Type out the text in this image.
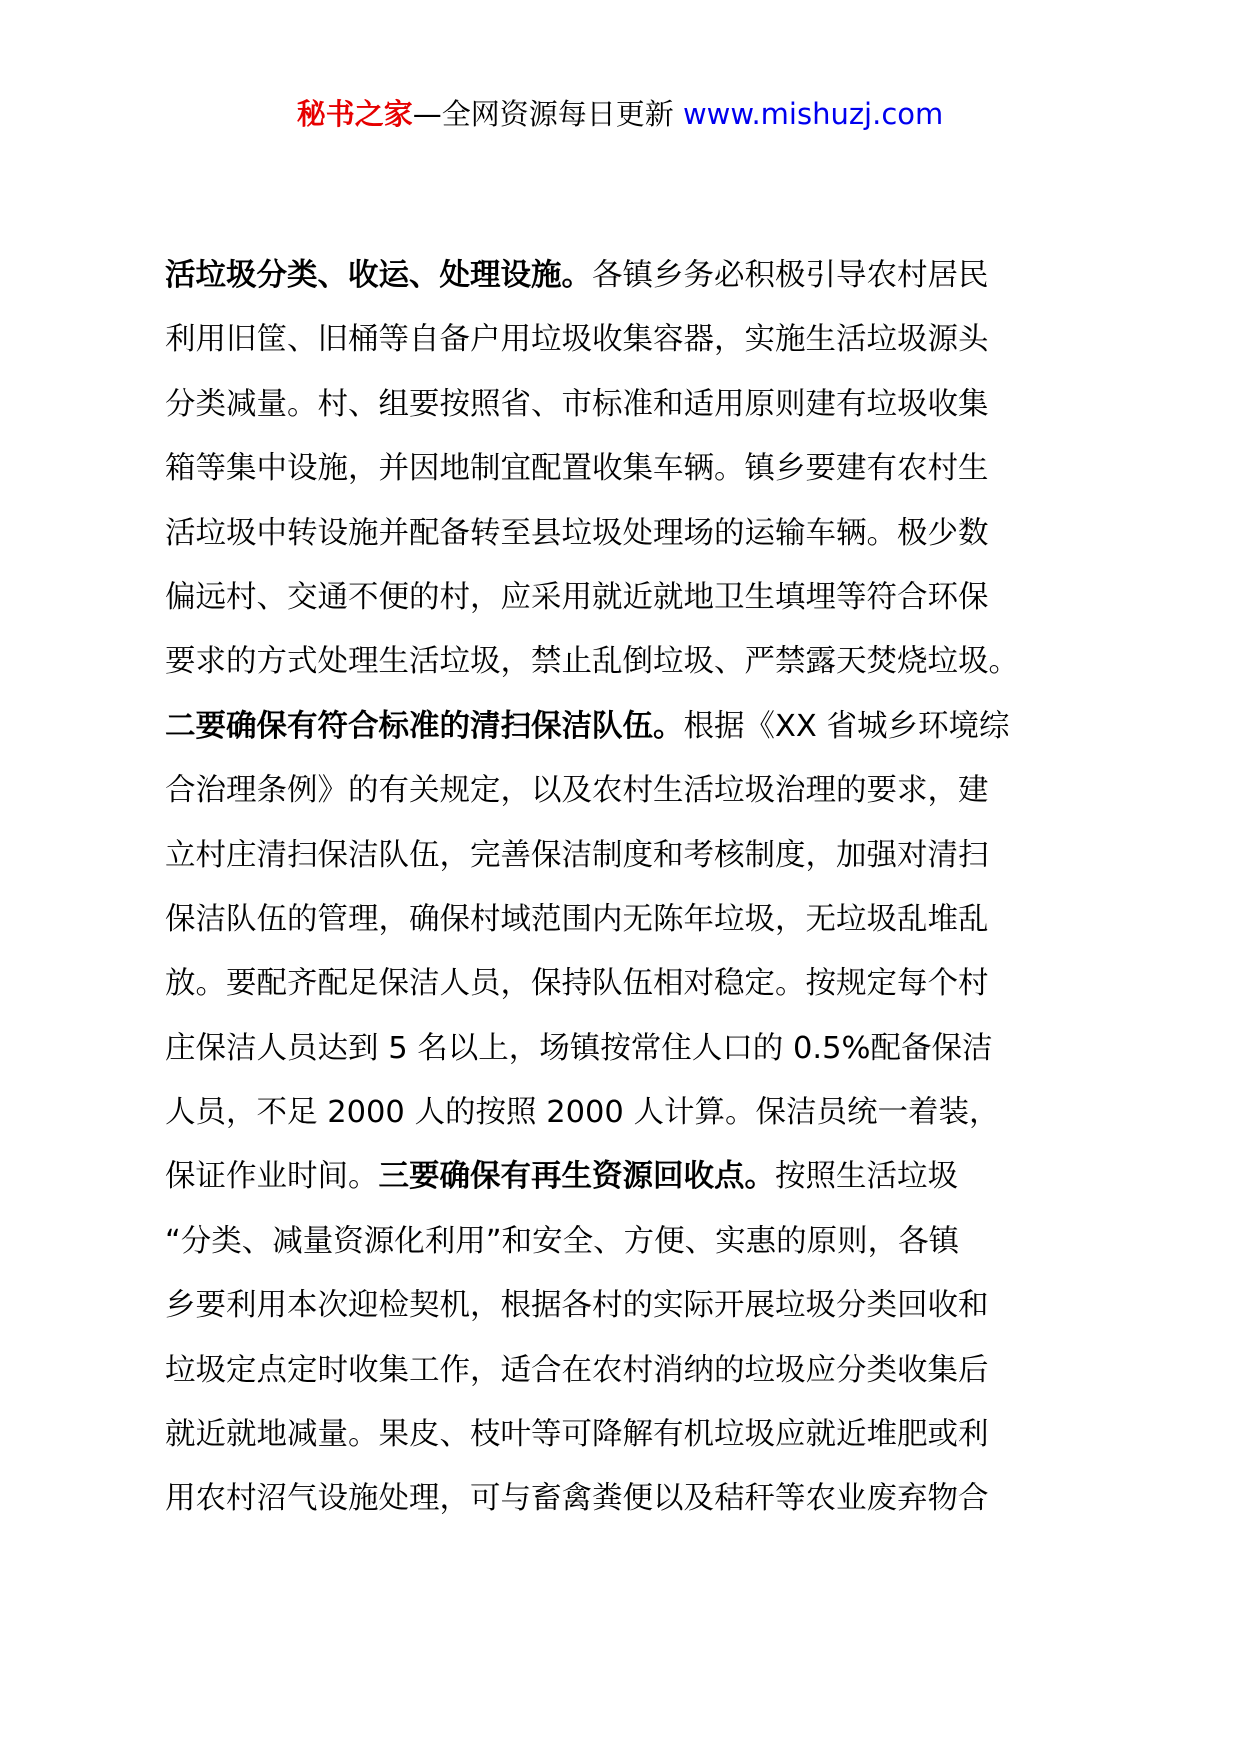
秘书之家—全网资源每日更新 www.mishuzj.com
活垃圾分类、收运、处理设施。各镇乡务必积极引导农村居民
利用旧筐、旧桶等自备户用垃圾收集容器，实施生活垃圾源头
分类减量。村、组要按照省、市标准和适用原则建有垃圾收集
箱等集中设施，并因地制宜配置收集车辆。镇乡要建有农村生
活垃圾中转设施并配备转至县垃圾处理场的运输车辆。极少数
偏远村、交通不便的村，应采用就近就地卫生填埋等符合环保
要求的方式处理生活垃圾，禁止乱倒垃圾、严禁露天焚烧垃圾。
二要确保有符合标准的清扫保洁队伍。根据《XX 省城乡环境综
合治理条例》的有关规定，以及农村生活垃圾治理的要求，建
立村庄清扫保洁队伍，完善保洁制度和考核制度，加强对清扫
保洁队伍的管理，确保村域范围内无陈年垃圾，无垃圾乱堆乱
放。要配齐配足保洁人员，保持队伍相对稳定。按规定每个村
庄保洁人员达到 5 名以上，场镇按常住人口的 0.5%配备保洁
人员，不足 2000 人的按照 2000 人计算。保洁员统一着装，
保证作业时间。三要确保有再生资源回收点。按照生活垃圾
“分类、减量资源化利用”和安全、方便、实惠的原则，各镇
乡要利用本次迎检契机，根据各村的实际开展垃圾分类回收和
垃圾定点定时收集工作，适合在农村消纳的垃圾应分类收集后
就近就地减量。果皮、枝叶等可降解有机垃圾应就近堆肥或利
用农村沼气设施处理，可与畜禽粪便以及秸秆等农业废弃物合
